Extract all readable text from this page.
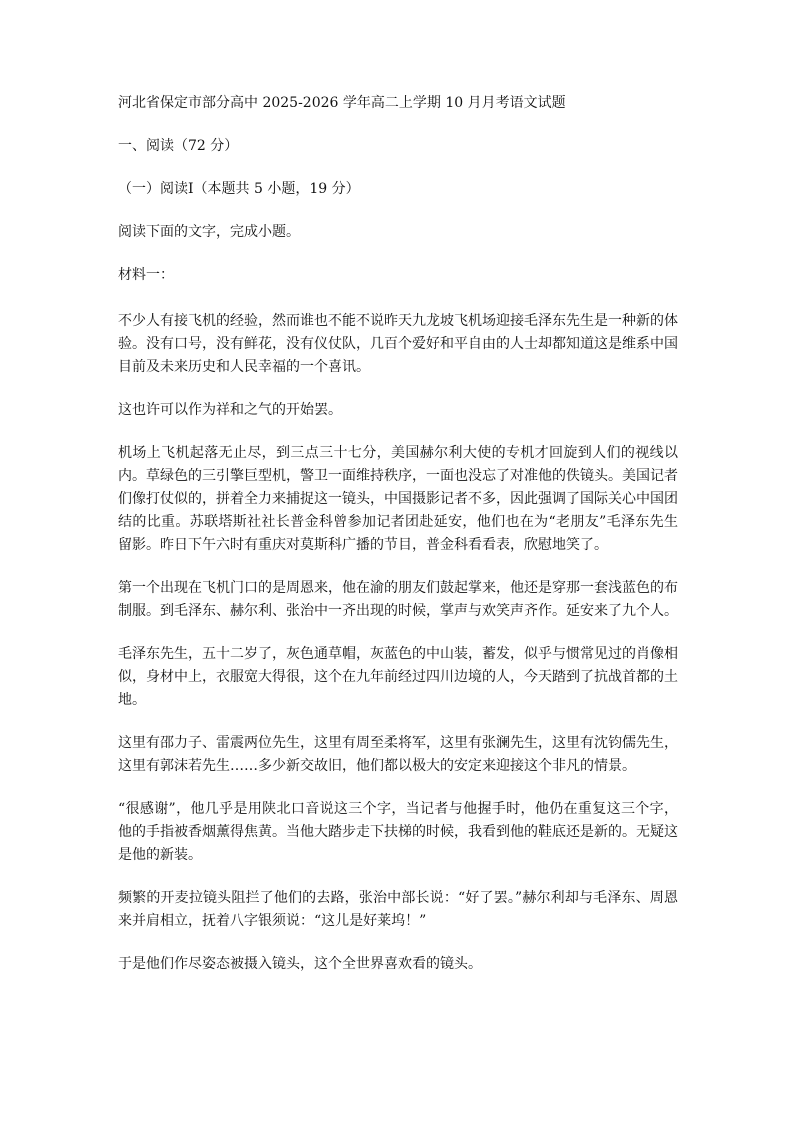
河北省保定市部分高中 2025-2026 学年高二上学期 10 月月考语文试题

一、阅读（72 分）

（一）阅读Ⅰ（本题共 5 小题，19 分）

阅读下面的文字，完成小题。

材料一：

不少人有接飞机的经验，然而谁也不能不说昨天九龙坡飞机场迎接毛泽东先生是一种新的体验。没有口号，没有鲜花，没有仪仗队，几百个爱好和平自由的人士却都知道这是维系中国目前及未来历史和人民幸福的一个喜讯。

这也许可以作为祥和之气的开始罢。

机场上飞机起落无止尽，到三点三十七分，美国赫尔利大使的专机才回旋到人们的视线以内。草绿色的三引擎巨型机，警卫一面维持秩序，一面也没忘了对准他的佚镜头。美国记者们像打仗似的，拼着全力来捕捉这一镜头，中国摄影记者不多，因此强调了国际关心中国团结的比重。苏联塔斯社社长普金科曾参加记者团赴延安，他们也在为“老朋友”毛泽东先生留影。昨日下午六时有重庆对莫斯科广播的节目，普金科看看表，欣慰地笑了。

第一个出现在飞机门口的是周恩来，他在渝的朋友们鼓起掌来，他还是穿那一套浅蓝色的布制服。到毛泽东、赫尔利、张治中一齐出现的时候，掌声与欢笑声齐作。延安来了九个人。

毛泽东先生，五十二岁了，灰色通草帽，灰蓝色的中山装，蓄发，似乎与惯常见过的肖像相似，身材中上，衣服宽大得很，这个在九年前经过四川边境的人，今天踏到了抗战首都的土地。

这里有邵力子、雷震两位先生，这里有周至柔将军，这里有张澜先生，这里有沈钧儒先生，这里有郭沫若先生……多少新交故旧，他们都以极大的安定来迎接这个非凡的情景。

“很感谢”，他几乎是用陕北口音说这三个字，当记者与他握手时，他仍在重复这三个字，他的手指被香烟薰得焦黄。当他大踏步走下扶梯的时候，我看到他的鞋底还是新的。无疑这是他的新装。

频繁的开麦拉镜头阻拦了他们的去路，张治中部长说：“好了罢。”赫尔利却与毛泽东、周恩来并肩相立，抚着八字银须说：“这儿是好莱坞！”

于是他们作尽姿态被摄入镜头，这个全世界喜欢看的镜头。
